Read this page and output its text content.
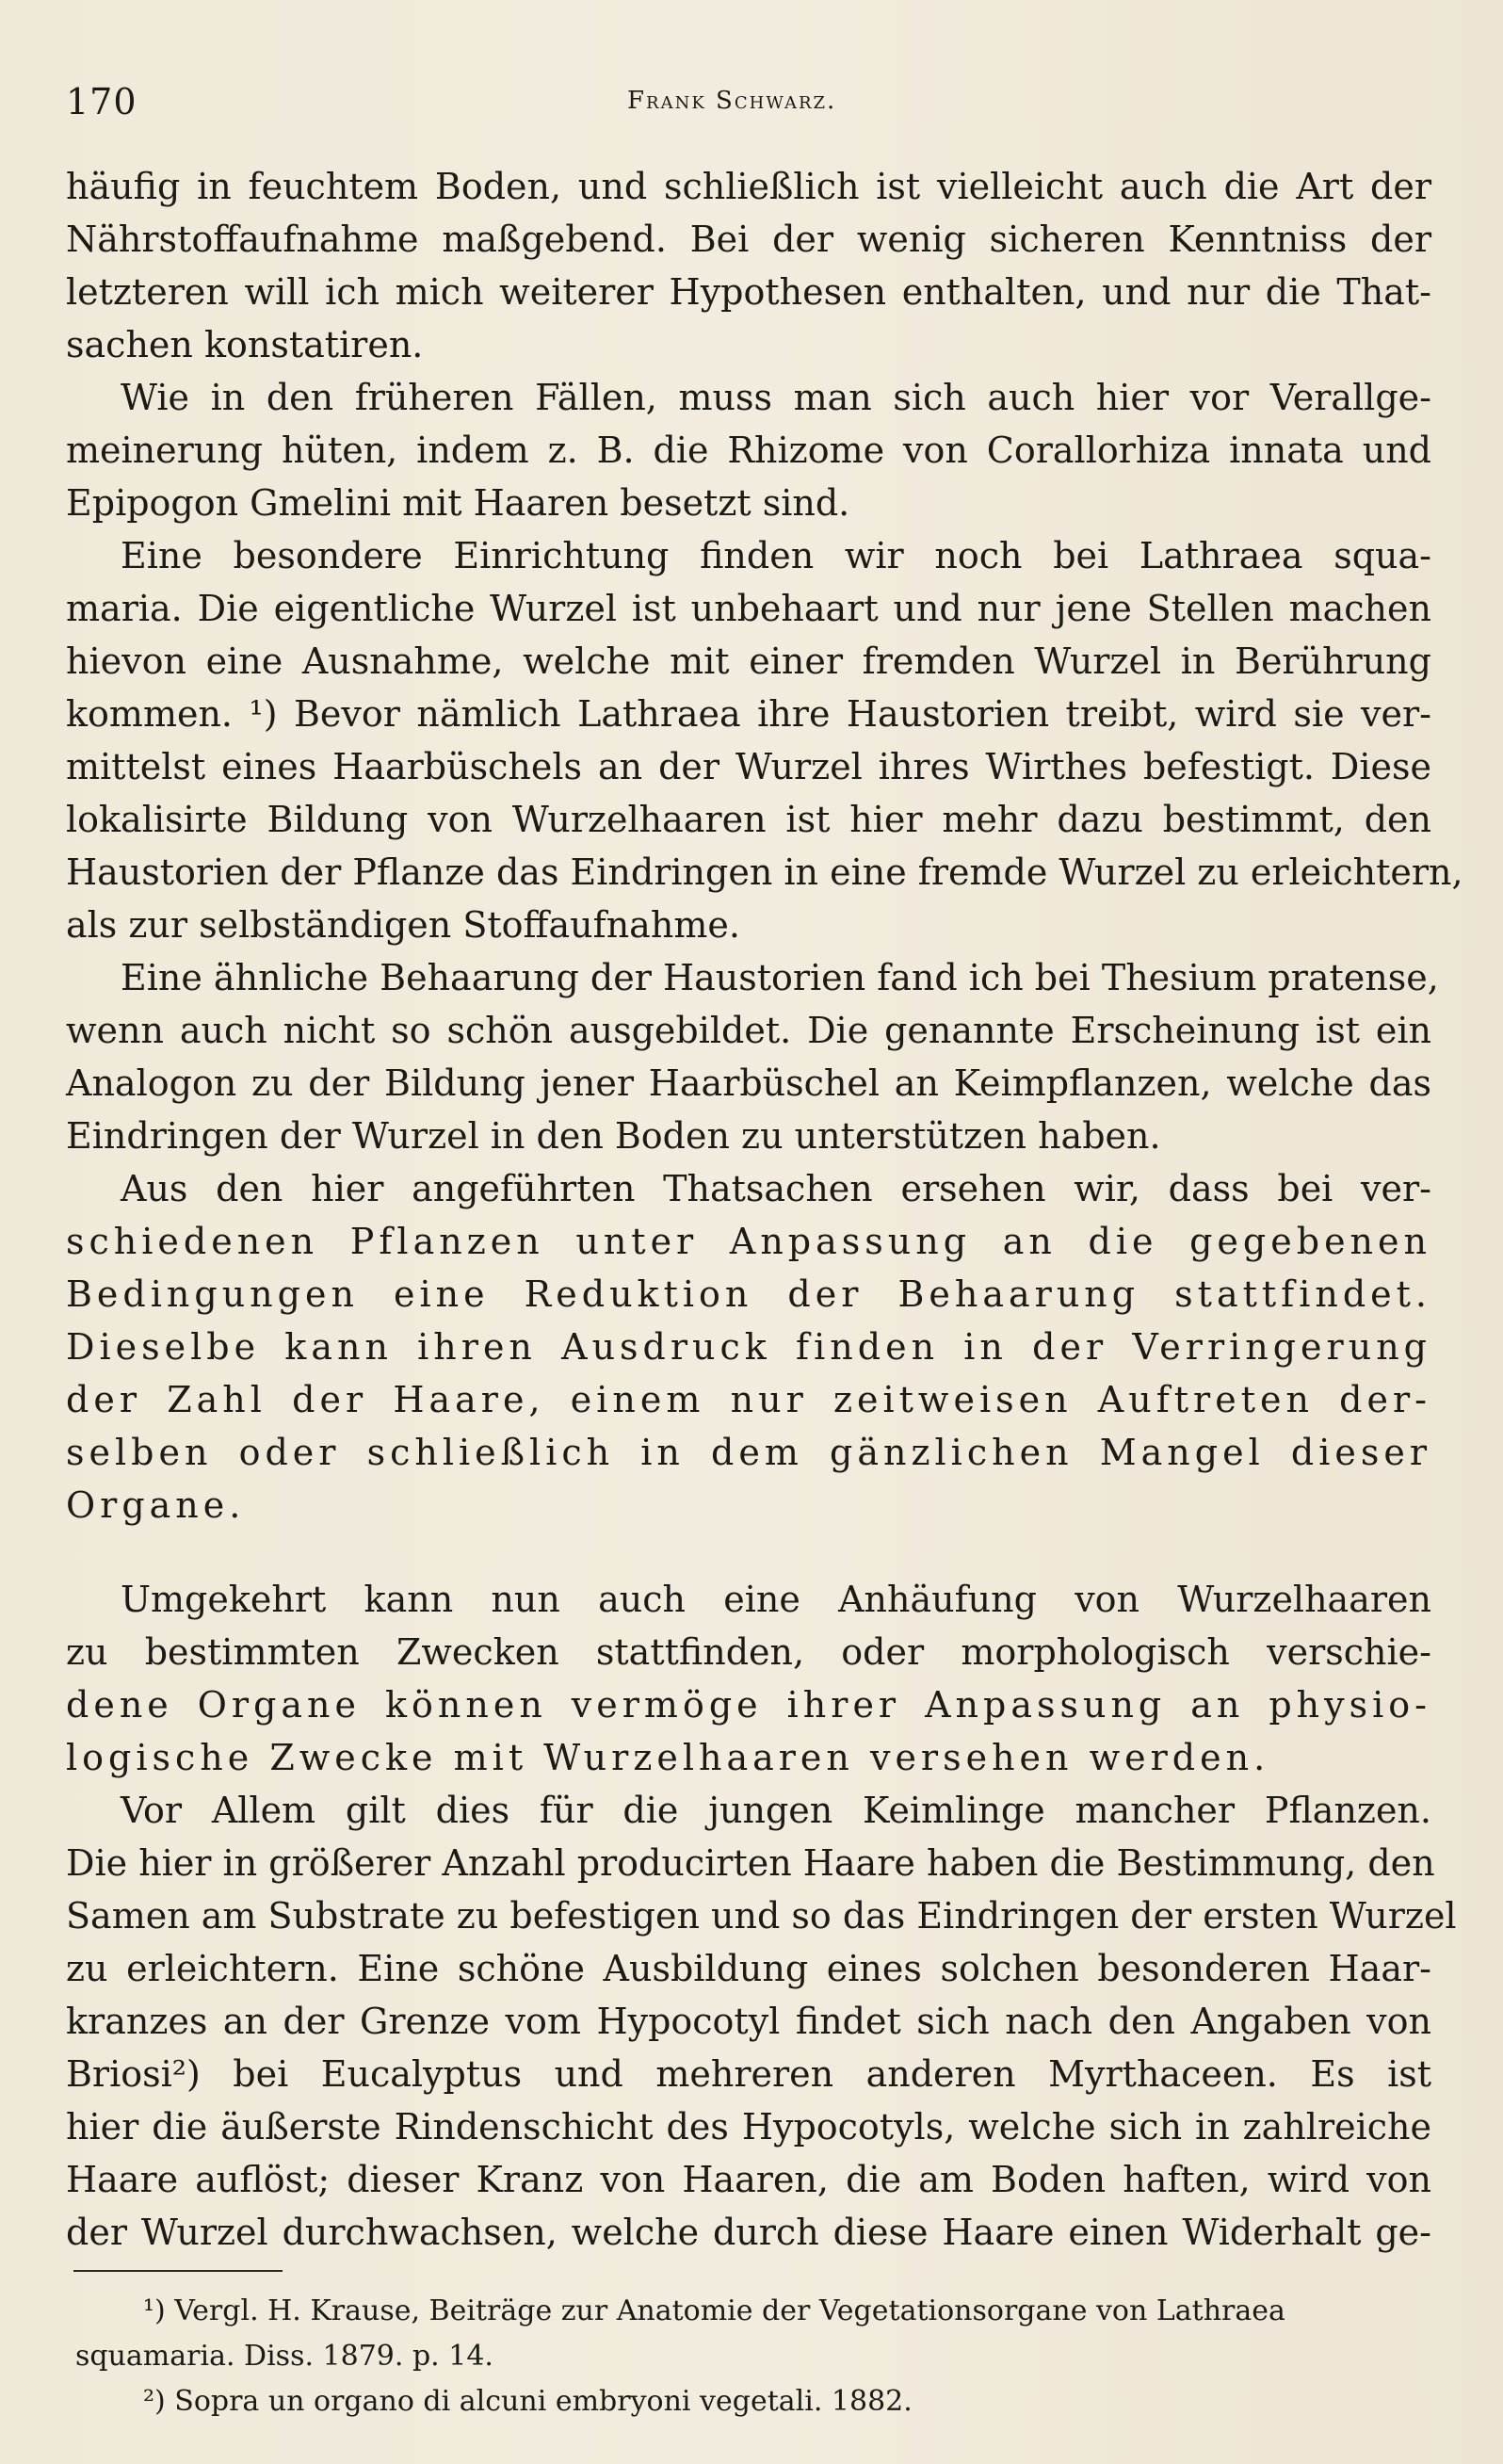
170	Frank Schwarz.
häufig in feuchtem Boden, und schließlich ist vielleicht auch die Art der
Nährstoffaufnahme maßgebend. Bei der wenig sicheren Kenntniss der
letzteren will ich mich weiterer Hypothesen enthalten, und nur die That-
sachen konstatiren.
Wie in den früheren Fällen, muss man sich auch hier vor Verallge-
meinerung hüten, indem z. B. die Rhizome von Corallorhiza innata und
Epipogon Gmelini mit Haaren besetzt sind.
Eine besondere Einrichtung finden wir noch bei Lathraea squa-
maria. Die eigentliche Wurzel ist unbehaart und nur jene Stellen machen
hievon eine Ausnahme, welche mit einer fremden Wurzel in Berührung
kommen. ¹) Bevor nämlich Lathraea ihre Haustorien treibt, wird sie ver-
mittelst eines Haarbüschels an der Wurzel ihres Wirthes befestigt. Diese
lokalisirte Bildung von Wurzelhaaren ist hier mehr dazu bestimmt, den
Haustorien der Pflanze das Eindringen in eine fremde Wurzel zu erleichtern,
als zur selbständigen Stoffaufnahme.
Eine ähnliche Behaarung der Haustorien fand ich bei Thesium pratense,
wenn auch nicht so schön ausgebildet. Die genannte Erscheinung ist ein
Analogon zu der Bildung jener Haarbüschel an Keimpflanzen, welche das
Eindringen der Wurzel in den Boden zu unterstützen haben.
Aus den hier angeführten Thatsachen ersehen wir, dass bei ver-
schiedenen Pflanzen unter Anpassung an die gegebenen
Bedingungen eine Reduktion der Behaarung stattfindet.
Dieselbe kann ihren Ausdruck finden in der Verringerung
der Zahl der Haare, einem nur zeitweisen Auftreten der-
selben oder schließlich in dem gänzlichen Mangel dieser
Organe.
Umgekehrt kann nun auch eine Anhäufung von Wurzelhaaren
zu bestimmten Zwecken stattfinden, oder morphologisch verschie-
dene Organe können vermöge ihrer Anpassung an physio-
logische Zwecke mit Wurzelhaaren versehen werden.
Vor Allem gilt dies für die jungen Keimlinge mancher Pflanzen.
Die hier in größerer Anzahl producirten Haare haben die Bestimmung, den
Samen am Substrate zu befestigen und so das Eindringen der ersten Wurzel
zu erleichtern. Eine schöne Ausbildung eines solchen besonderen Haar-
kranzes an der Grenze vom Hypocotyl findet sich nach den Angaben von
Briosi²) bei Eucalyptus und mehreren anderen Myrthaceen. Es ist
hier die äußerste Rindenschicht des Hypocotyls, welche sich in zahlreiche
Haare auflöst; dieser Kranz von Haaren, die am Boden haften, wird von
der Wurzel durchwachsen, welche durch diese Haare einen Widerhalt ge-
¹) Vergl. H. Krause, Beiträge zur Anatomie der Vegetationsorgane von Lathraea
squamaria. Diss. 1879. p. 14.
²) Sopra un organo di alcuni embryoni vegetali. 1882.
